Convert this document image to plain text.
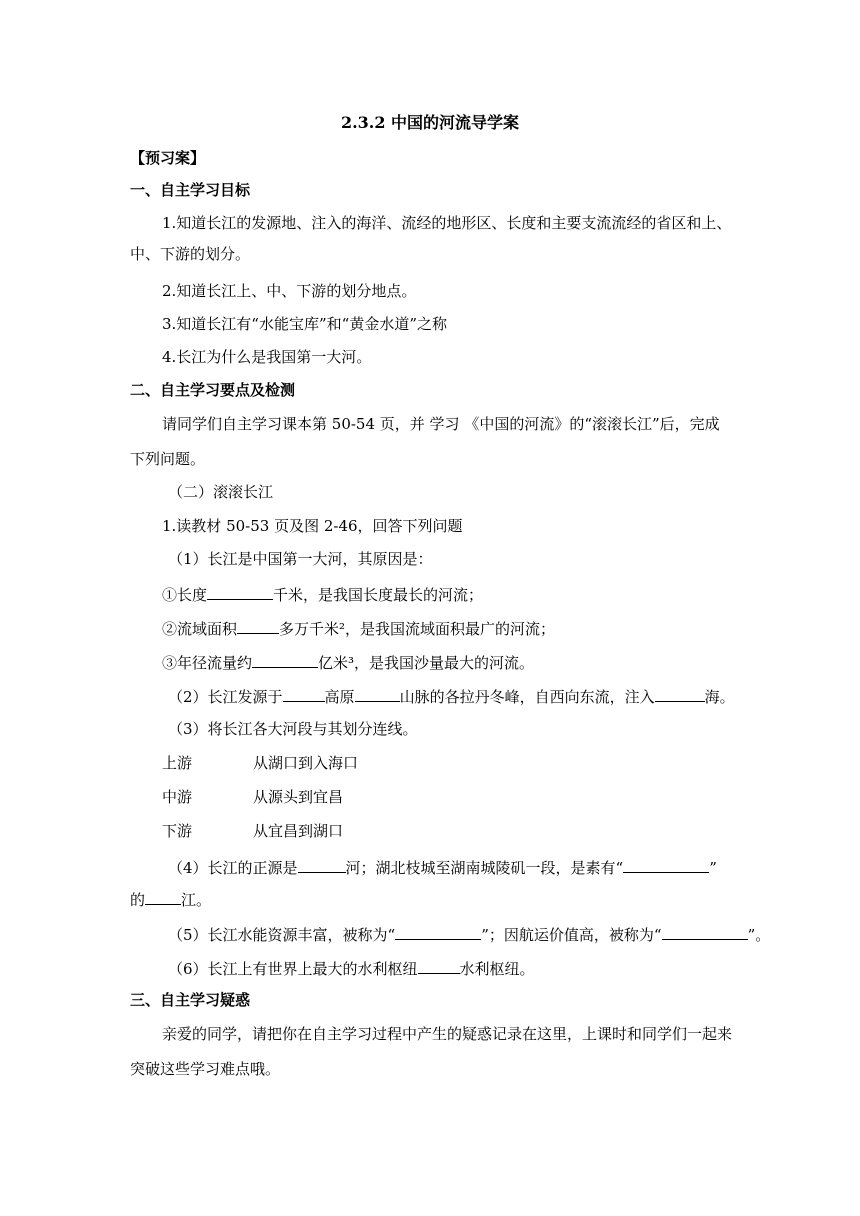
2.3.2 中国的河流导学案
【预习案】
一、自主学习目标
1.知道长江的发源地、注入的海洋、流经的地形区、长度和主要支流流经的省区和上、
中、下游的划分。
2.知道长江上、中、下游的划分地点。
3.知道长江有“水能宝库”和“黄金水道”之称
4.长江为什么是我国第一大河。
二、自主学习要点及检测
请同学们自主学习课本第 50-54 页，并 学习 《中国的河流》的“滚滚长江”后，完成
下列问题。
（二）滚滚长江
1.读教材 50-53 页及图 2-46，回答下列问题
（1）长江是中国第一大河，其原因是：
①长度	千米，是我国长度最长的河流；
②流域面积	多万千米²，是我国流域面积最广的河流；
③年径流量约	亿米³，是我国沙量最大的河流。
（2）长江发源于	高原	山脉的各拉丹冬峰，自西向东流，注入	海。
（3）将长江各大河段与其划分连线。
上游	从湖口到入海口
中游	从源头到宜昌
下游	从宜昌到湖口
（4）长江的正源是	河；湖北枝城至湖南城陵矶一段，是素有“	”
的 江。
（5）长江水能资源丰富，被称为“	”；因航运价值高，被称为“	”。
（6）长江上有世界上最大的水利枢纽	水利枢纽。
三、自主学习疑惑
亲爱的同学，请把你在自主学习过程中产生的疑惑记录在这里，上课时和同学们一起来
突破这些学习难点哦。
